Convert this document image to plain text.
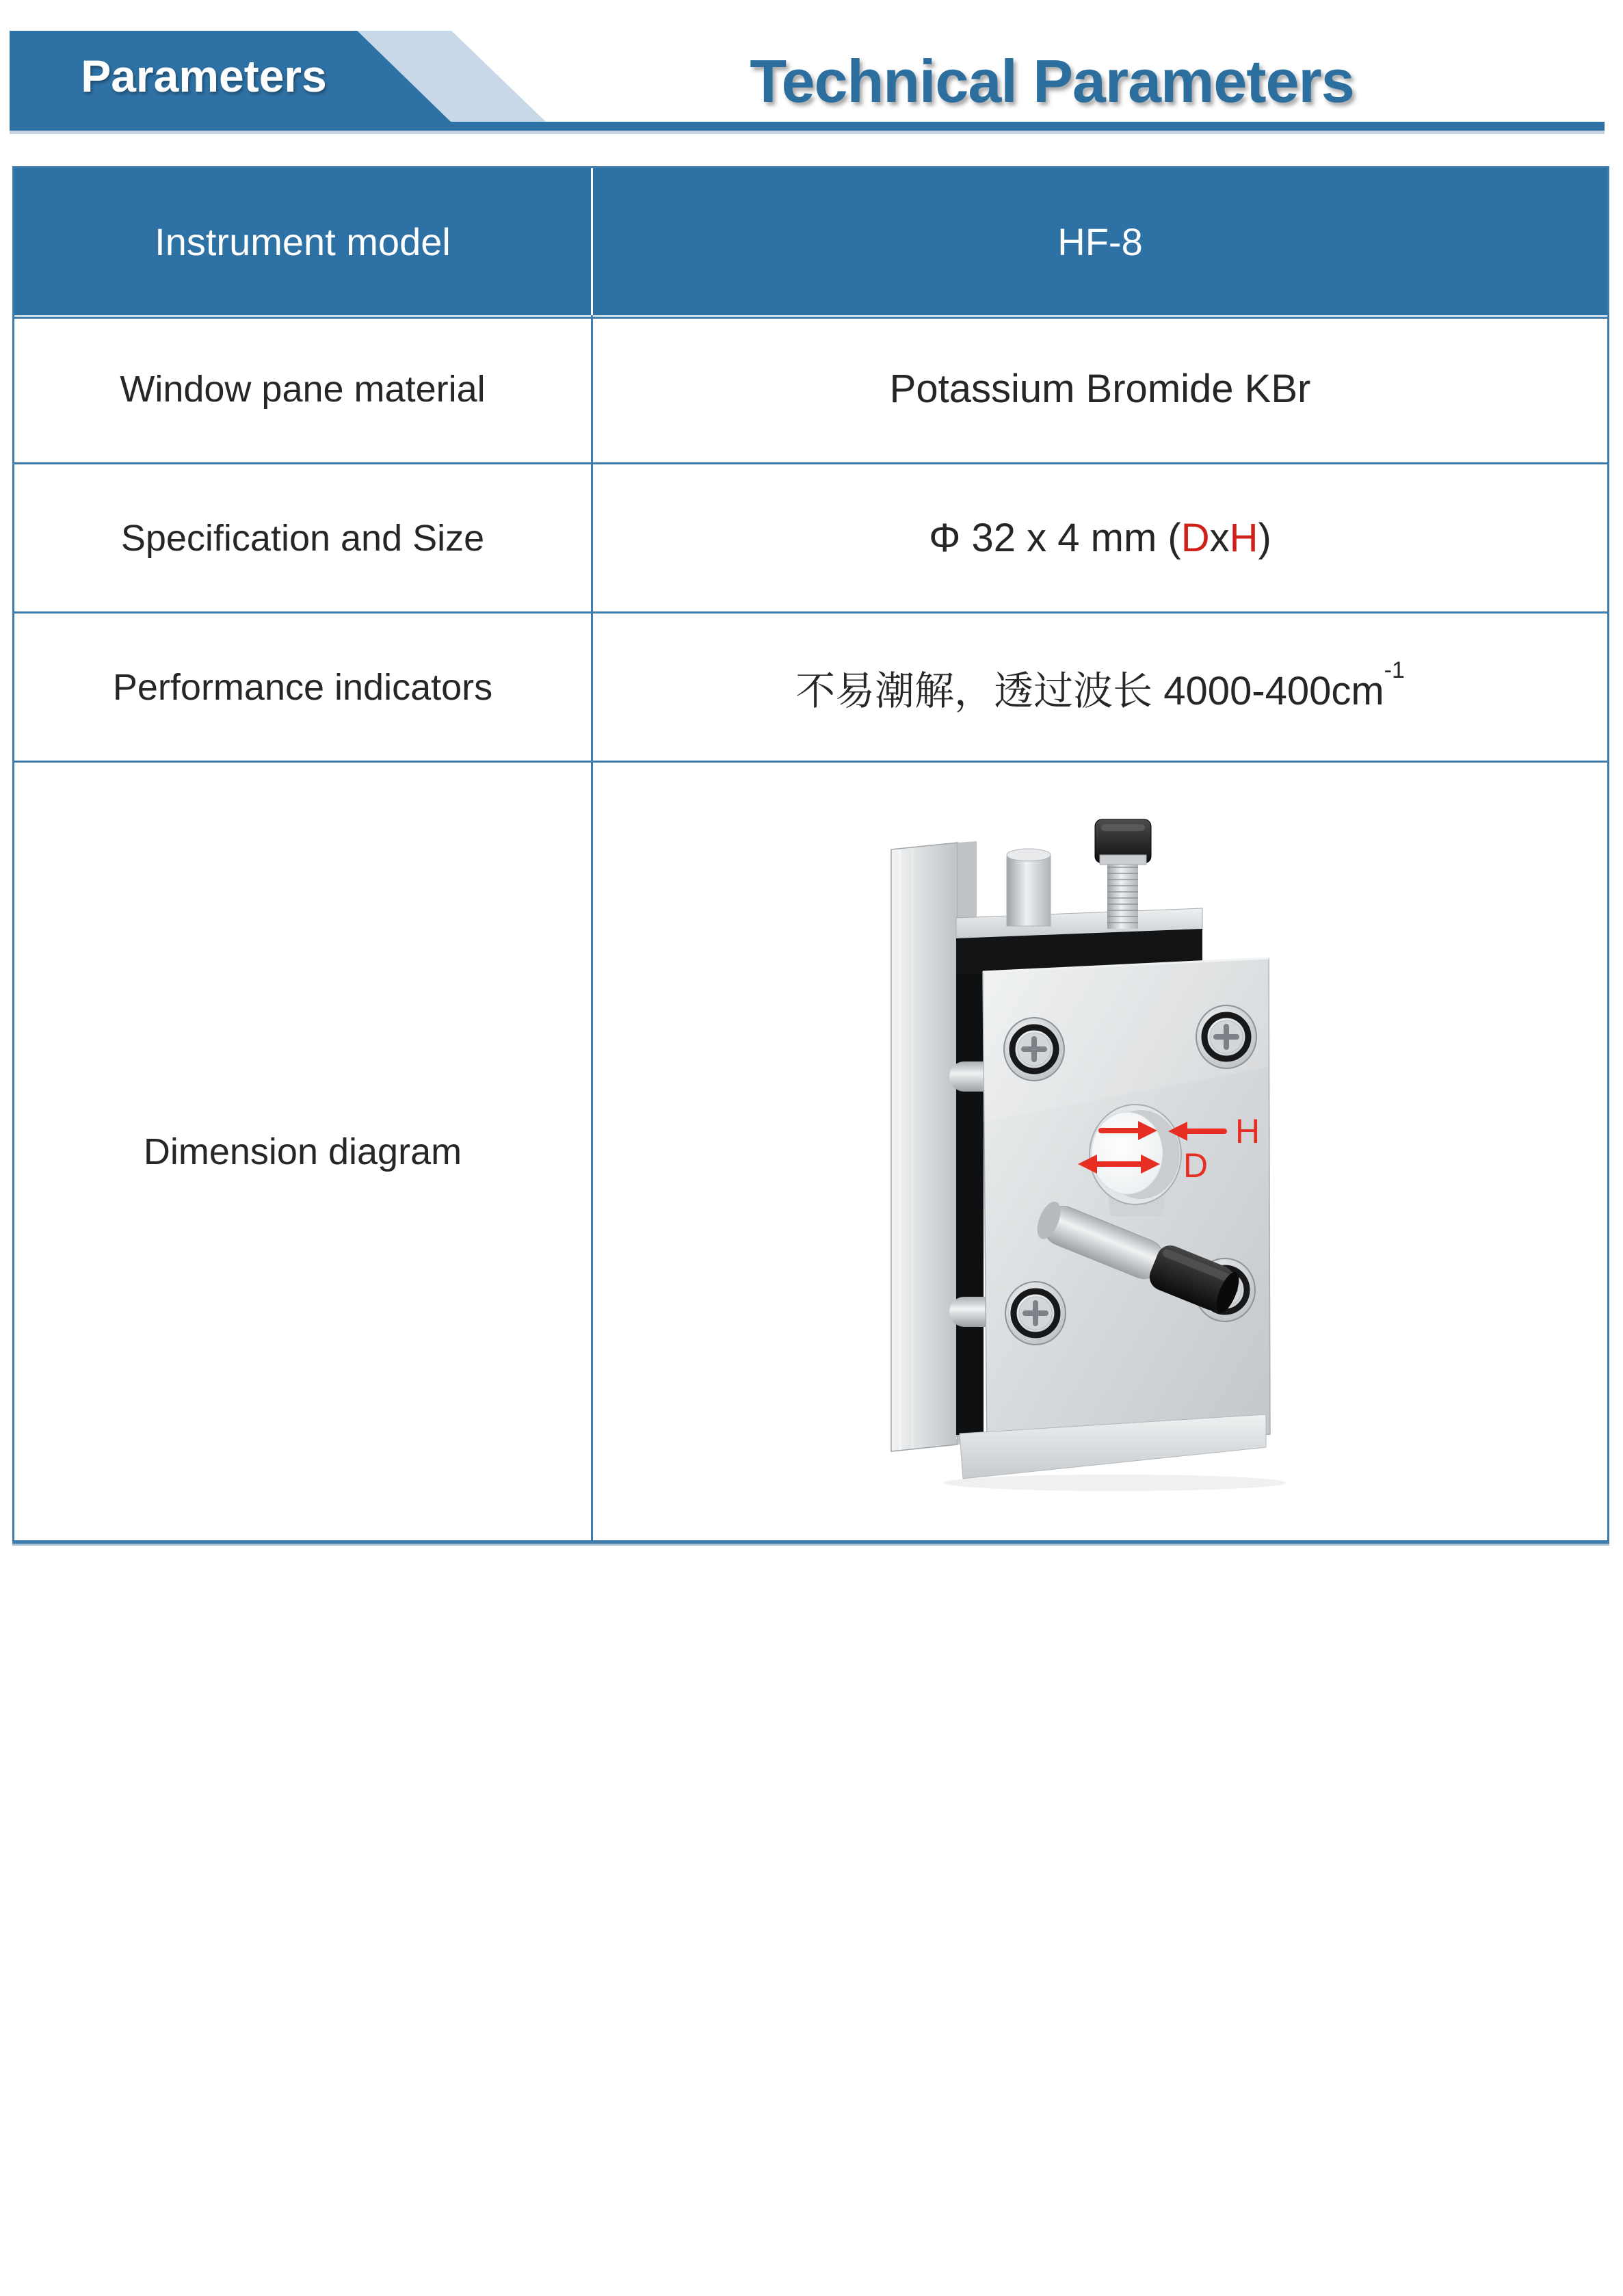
Parameters	Technical Parameters
Instrument model	HF-8
Window pane material	Potassium Bromide KBr
Specification and Size	Φ 32 x 4 mm ( D x H )
Performance indicators	不易潮解，透过波长 $4000-400cm^{-1}$
Dimension diagram	H
D
